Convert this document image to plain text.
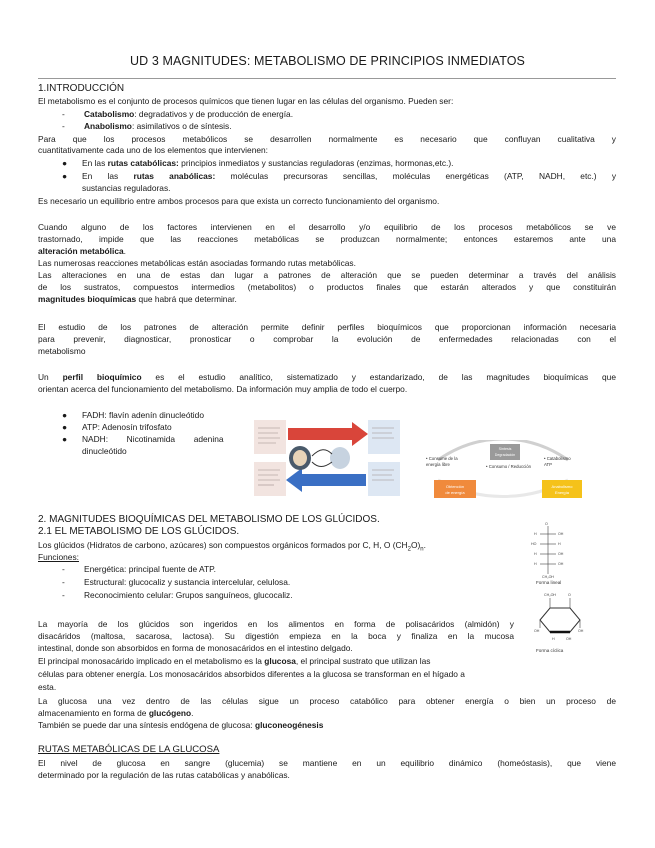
UD 3 MAGNITUDES: METABOLISMO DE PRINCIPIOS INMEDIATOS
1.INTRODUCCIÓN
El metabolismo es el conjunto de procesos químicos que tienen lugar en las células del organismo. Pueden ser:
- Catabolismo: degradativos y de producción de energía.
- Anabolismo: asimilativos o de síntesis.
Para que los procesos metabólicos se desarrollen normalmente es necesario que confluyan cualitativa y
cuantitativamente cada uno de los elementos que intervienen:
● En las rutas catabólicas: principios inmediatos y sustancias reguladoras (enzimas, hormonas,etc.).
● En las rutas anabólicas: moléculas precursoras sencillas, moléculas energéticas (ATP, NADH, etc.) y
sustancias reguladoras.
Es necesario un equilibrio entre ambos procesos para que exista un correcto funcionamiento del organismo.
Cuando alguno de los factores intervienen en el desarrollo y/o equilibrio de los procesos metabólicos se ve
trastornado, impide que las reacciones metabólicas se produzcan normalmente; entonces estaremos ante una
alteración metabólica.
Las numerosas reacciones metabólicas están asociadas formando rutas metabólicas.
Las alteraciones en una de estas dan lugar a patrones de alteración que se pueden determinar a través del análisis
de los sustratos, compuestos intermedios (metabolitos) o productos finales que estarán alterados y que constituirán
magnitudes bioquímicas que habrá que determinar.
El estudio de los patrones de alteración permite definir perfiles bioquímicos que proporcionan información necesaria
para prevenir, diagnosticar, pronosticar o comprobar la evolución de enfermedades relacionadas con el
metabolismo
Un perfil bioquímico es el estudio analítico, sistematizado y estandarizado, de las magnitudes bioquímicas que
orientan acerca del funcionamiento del metabolismo. Da información muy amplia de todo el cuerpo.
● FADH: flavín adenín dinucleótido
● ATP: Adenosín trifosfato
● NADH:        Nicotinamida        adenina
dinucleótido	Síntesis
Degradación
• Consume de la
energía libre	• Consumo / Reducción
• Catabolismo
ATP
Obtención
de energía
Anabolismo
Energía
2. MAGNITUDES BIOQUÍMICAS DEL METABOLISMO DE LOS GLÚCIDOS.
2.1 EL METABOLISMO DE LOS GLÚCIDOS.
Los glúcidos (Hidratos de carbono, azúcares) son compuestos orgánicos formados por C, H, O $(CH_2O)_n$.
Funciones:
- Energética: principal fuente de ATP.
- Estructural: glucocaliz y sustancia intercelular, celulosa.
- Reconocimiento celular: Grupos sanguíneos, glucocaliz.
O
H	OH
HO	H
H	OH
H	OH
CH₂OH
Forma lineal
CH₂OH	O
OH	OH
H	OH
Forma cíclica
La mayoría de los glúcidos son ingeridos en los alimentos en forma de polisacáridos (almidón) y
disacáridos (maltosa, sacarosa, lactosa). Su digestión empieza en la boca y finaliza en la mucosa
intestinal, donde son absorbidos en forma de monosacáridos en el intestino delgado.
El principal monosacárido implicado en el metabolismo es la glucosa, el principal sustrato que utilizan las
células para obtener energía. Los monosacáridos absorbidos diferentes a la glucosa se transforman en el hígado a
esta.
La glucosa una vez dentro de las células sigue un proceso catabólico para obtener energía o bien un proceso de
almacenamiento en forma de glucógeno.
También se puede dar una síntesis endógena de glucosa: gluconeogénesis
RUTAS METABÓLICAS DE LA GLUCOSA
El nivel de glucosa en sangre (glucemia) se mantiene en un equilibrio dinámico (homeóstasis), que viene
determinado por la regulación de las rutas catabólicas y anabólicas.
